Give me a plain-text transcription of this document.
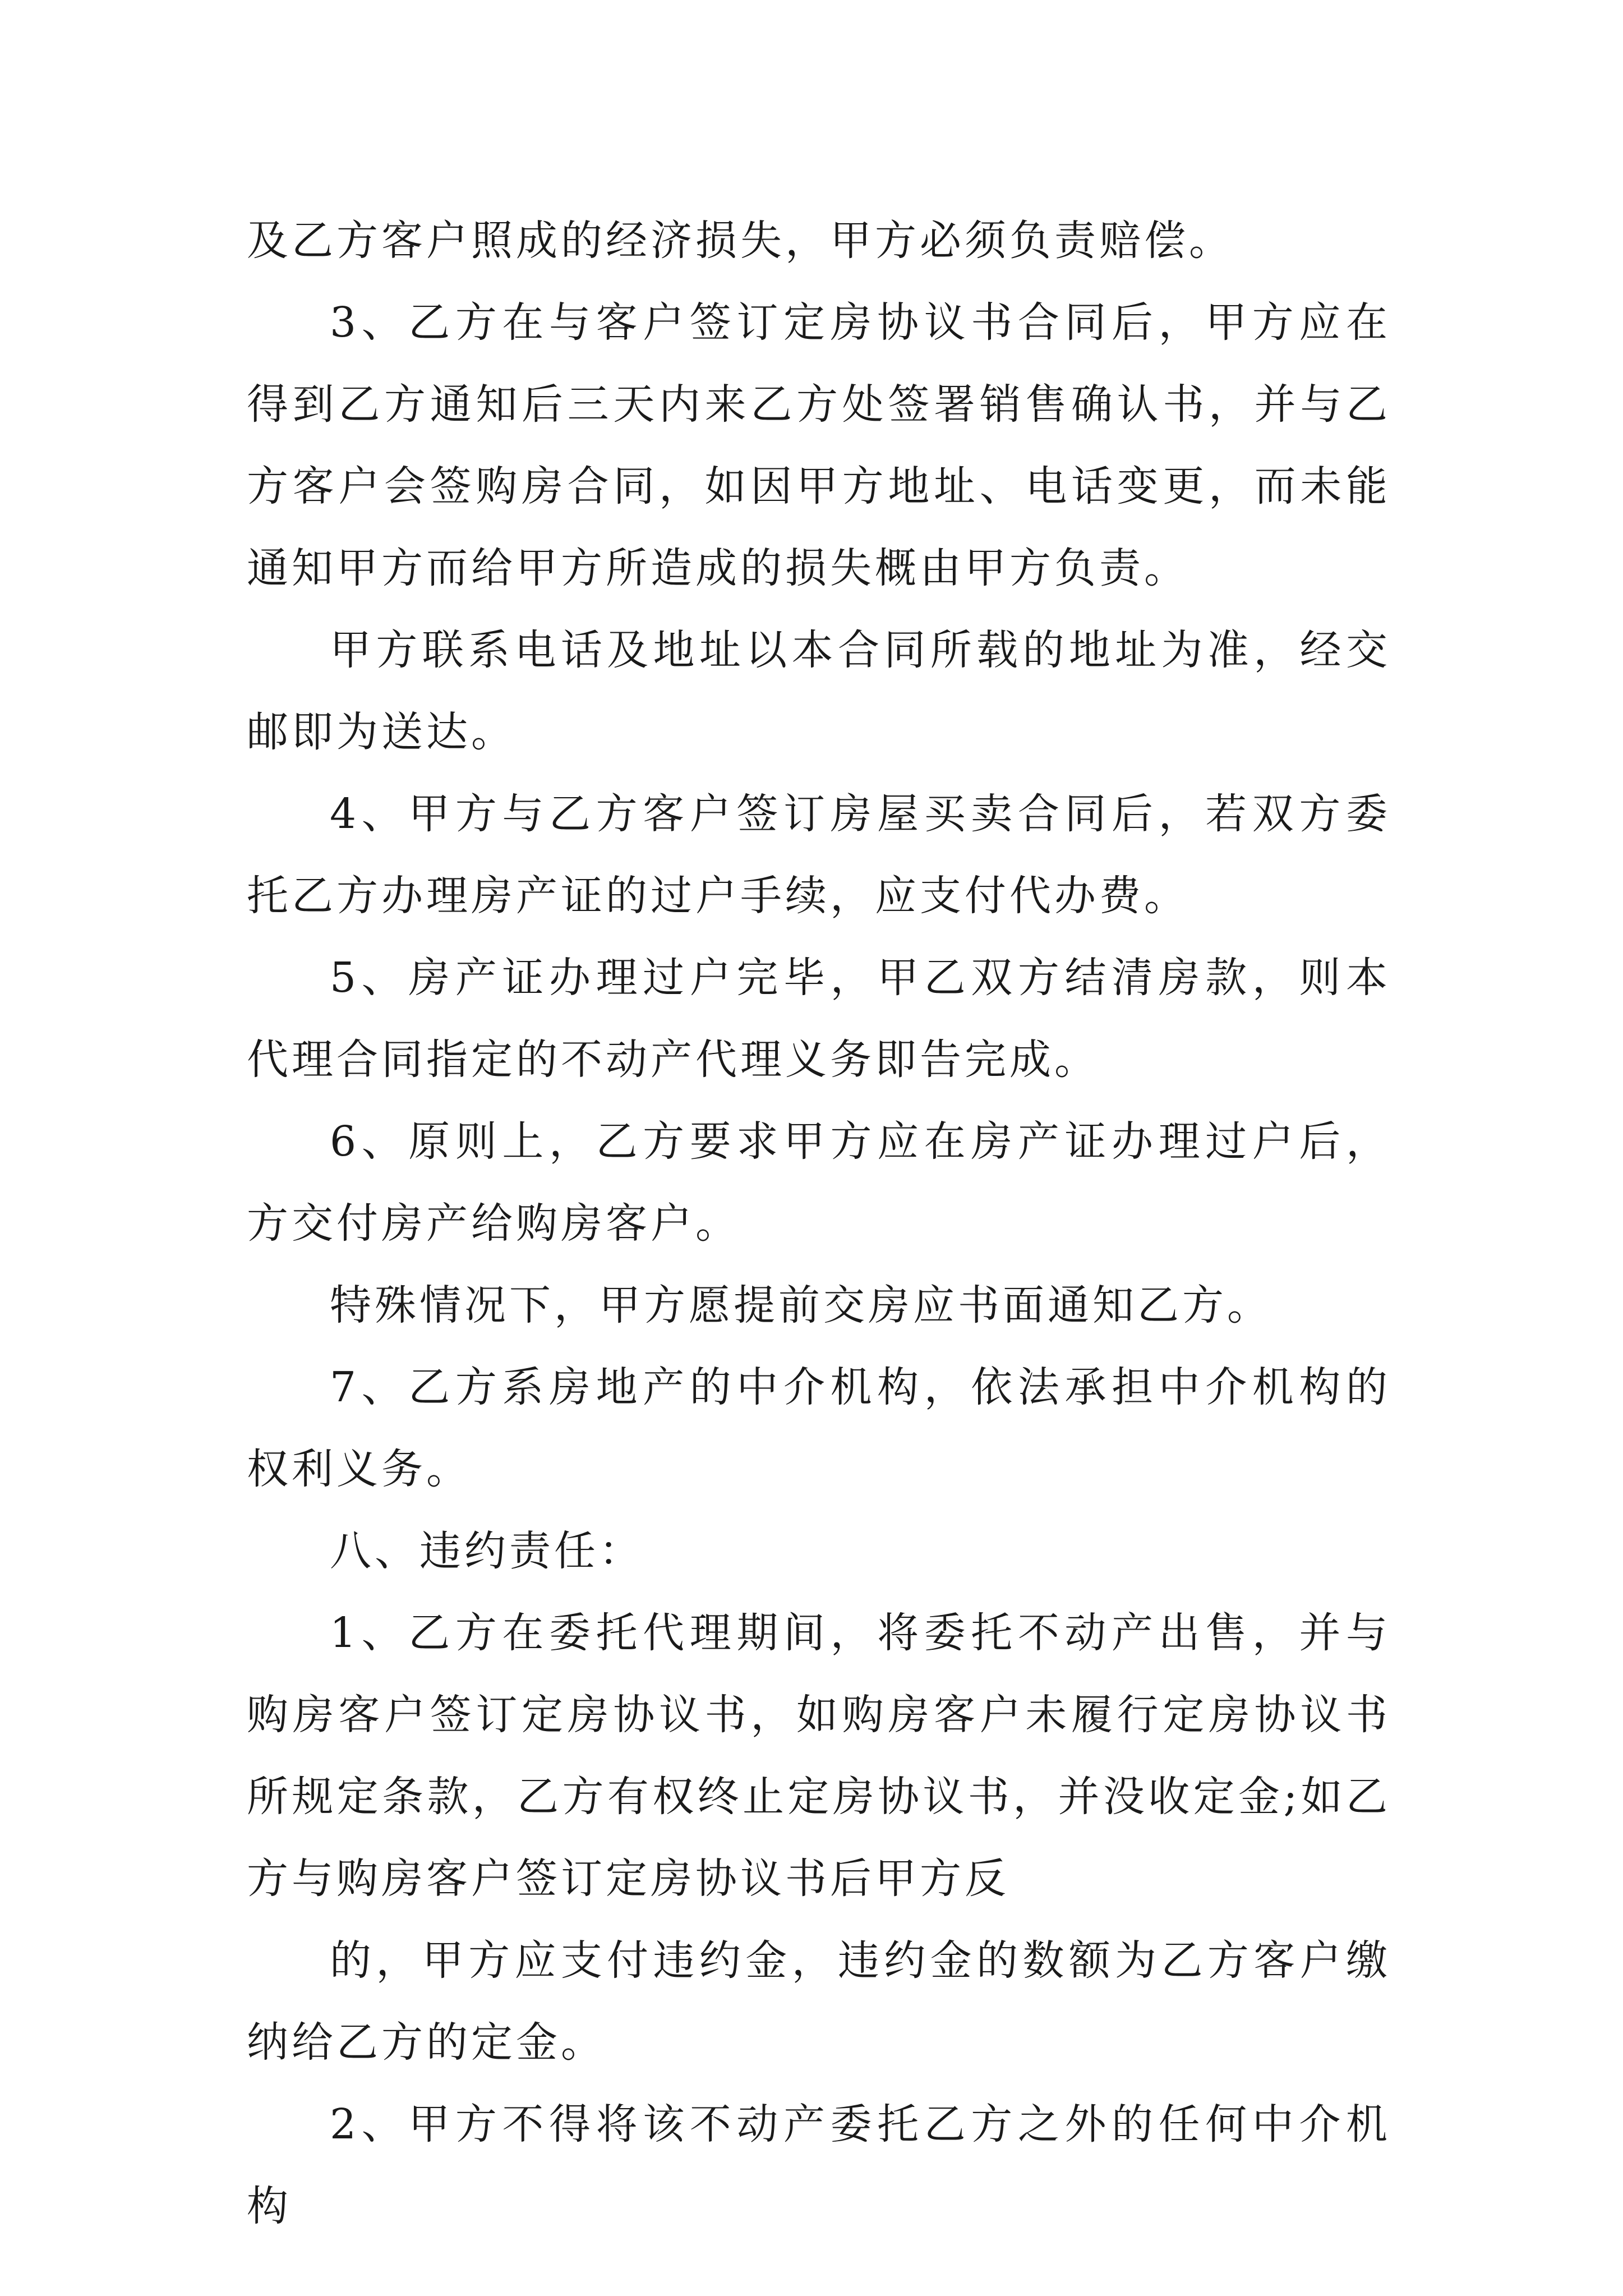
及乙方客户照成的经济损失，甲方必须负责赔偿。

3、乙方在与客户签订定房协议书合同后，甲方应在得到乙方通知后三天内来乙方处签署销售确认书，并与乙方客户会签购房合同，如因甲方地址、电话变更，而未能通知甲方而给甲方所造成的损失概由甲方负责。

甲方联系电话及地址以本合同所载的地址为准，经交邮即为送达。

4、甲方与乙方客户签订房屋买卖合同后，若双方委托乙方办理房产证的过户手续，应支付代办费。

5、房产证办理过户完毕，甲乙双方结清房款，则本代理合同指定的不动产代理义务即告完成。

6、原则上，乙方要求甲方应在房产证办理过户后，方交付房产给购房客户。

特殊情况下，甲方愿提前交房应书面通知乙方。

7、乙方系房地产的中介机构，依法承担中介机构的权利义务。

八、违约责任：

1、乙方在委托代理期间，将委托不动产出售，并与购房客户签订定房协议书，如购房客户未履行定房协议书所规定条款，乙方有权终止定房协议书，并没收定金;如乙方与购房客户签订定房协议书后甲方反

的，甲方应支付违约金，违约金的数额为乙方客户缴纳给乙方的定金。

2、甲方不得将该不动产委托乙方之外的任何中介机构
